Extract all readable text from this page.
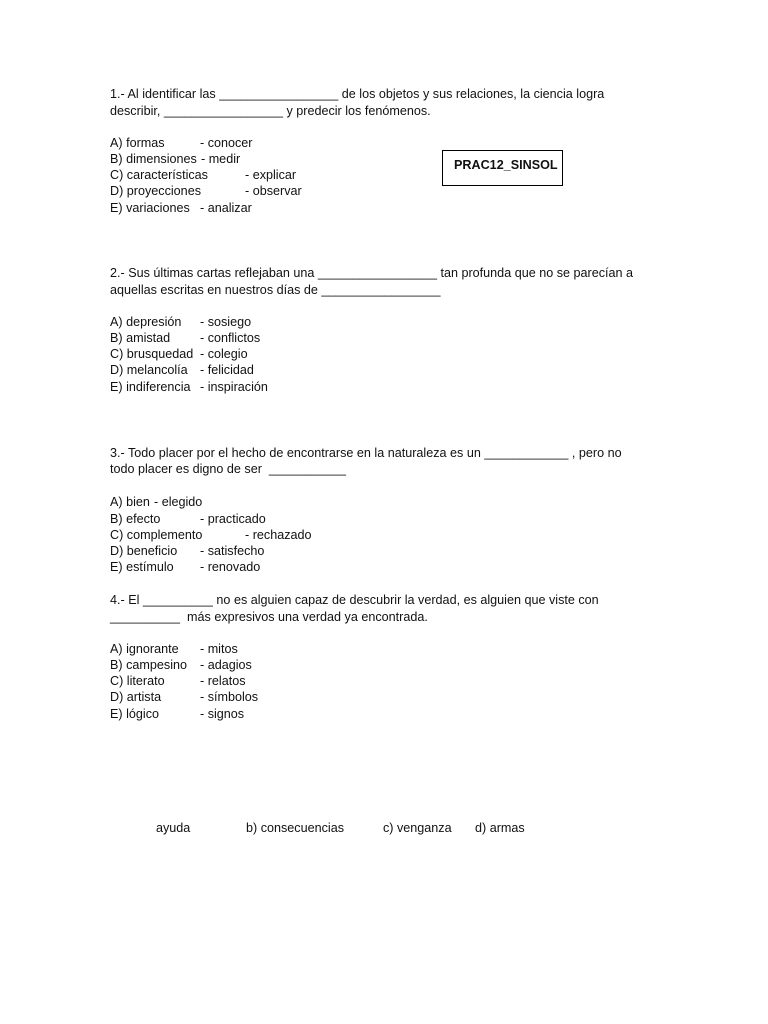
1.- Al identificar las _________________ de los objetos y sus relaciones, la ciencia logra
describir, _________________ y predecir los fenómenos.
A) formas	- conocer
B) dimensiones - medir
C) características	- explicar
D) proyecciones	- observar
E) variaciones - analizar
PRAC12_SINSOL
2.- Sus últimas cartas reflejaban una _________________ tan profunda que no se parecían a
aquellas escritas en nuestros días de _________________
A) depresión - sosiego
B) amistad - conflictos
C) brusquedad - colegio
D) melancolía - felicidad
E) indiferencia - inspiración
3.- Todo placer por el hecho de encontrarse en la naturaleza es un ____________ , pero no
todo placer es digno de ser  ___________
A) bien - elegido
B) efecto	- practicado
C) complemento	- rechazado
D) beneficio - satisfecho
E) estímulo - renovado
4.- El __________ no es alguien capaz de descubrir la verdad, es alguien que viste con
__________  más expresivos una verdad ya encontrada.
A) ignorante - mitos
B) campesino - adagios
C) literato	- relatos
D) artista	- símbolos
E) lógico	- signos
ayuda	b) consecuencias	c) venganza d) armas
